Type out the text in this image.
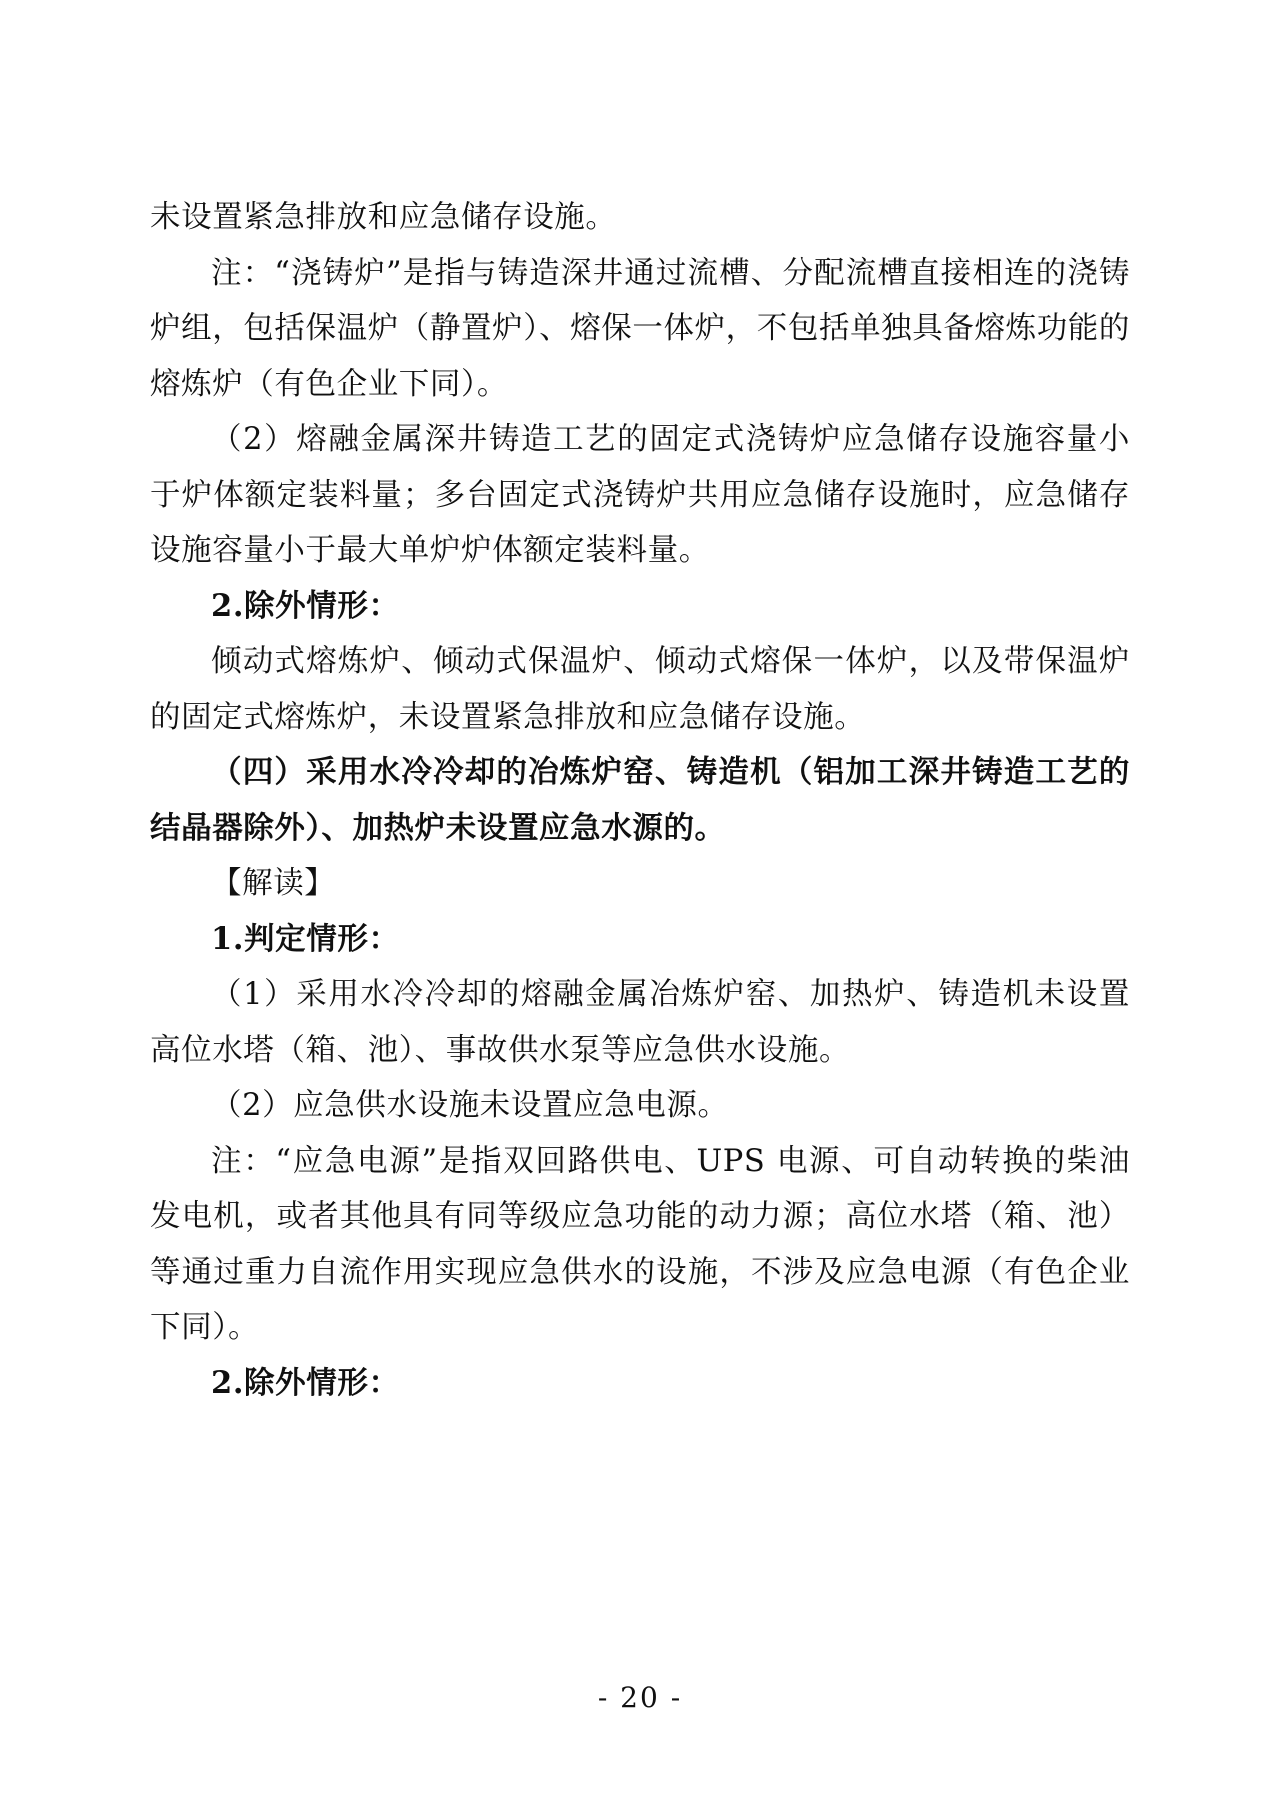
未设置紧急排放和应急储存设施。

注：“浇铸炉”是指与铸造深井通过流槽、分配流槽直接相连的浇铸炉组，包括保温炉（静置炉）、熔保一体炉，不包括单独具备熔炼功能的熔炼炉（有色企业下同）。

（2）熔融金属深井铸造工艺的固定式浇铸炉应急储存设施容量小于炉体额定装料量；多台固定式浇铸炉共用应急储存设施时，应急储存设施容量小于最大单炉炉体额定装料量。

2.除外情形：

倾动式熔炼炉、倾动式保温炉、倾动式熔保一体炉，以及带保温炉的固定式熔炼炉，未设置紧急排放和应急储存设施。

（四）采用水冷冷却的冶炼炉窑、铸造机（铝加工深井铸造工艺的结晶器除外）、加热炉未设置应急水源的。

【解读】

1.判定情形：

（1）采用水冷冷却的熔融金属冶炼炉窑、加热炉、铸造机未设置高位水塔（箱、池）、事故供水泵等应急供水设施。

（2）应急供水设施未设置应急电源。

注：“应急电源”是指双回路供电、UPS 电源、可自动转换的柴油发电机，或者其他具有同等级应急功能的动力源；高位水塔（箱、池）等通过重力自流作用实现应急供水的设施，不涉及应急电源（有色企业下同）。

2.除外情形：

- 20 -
